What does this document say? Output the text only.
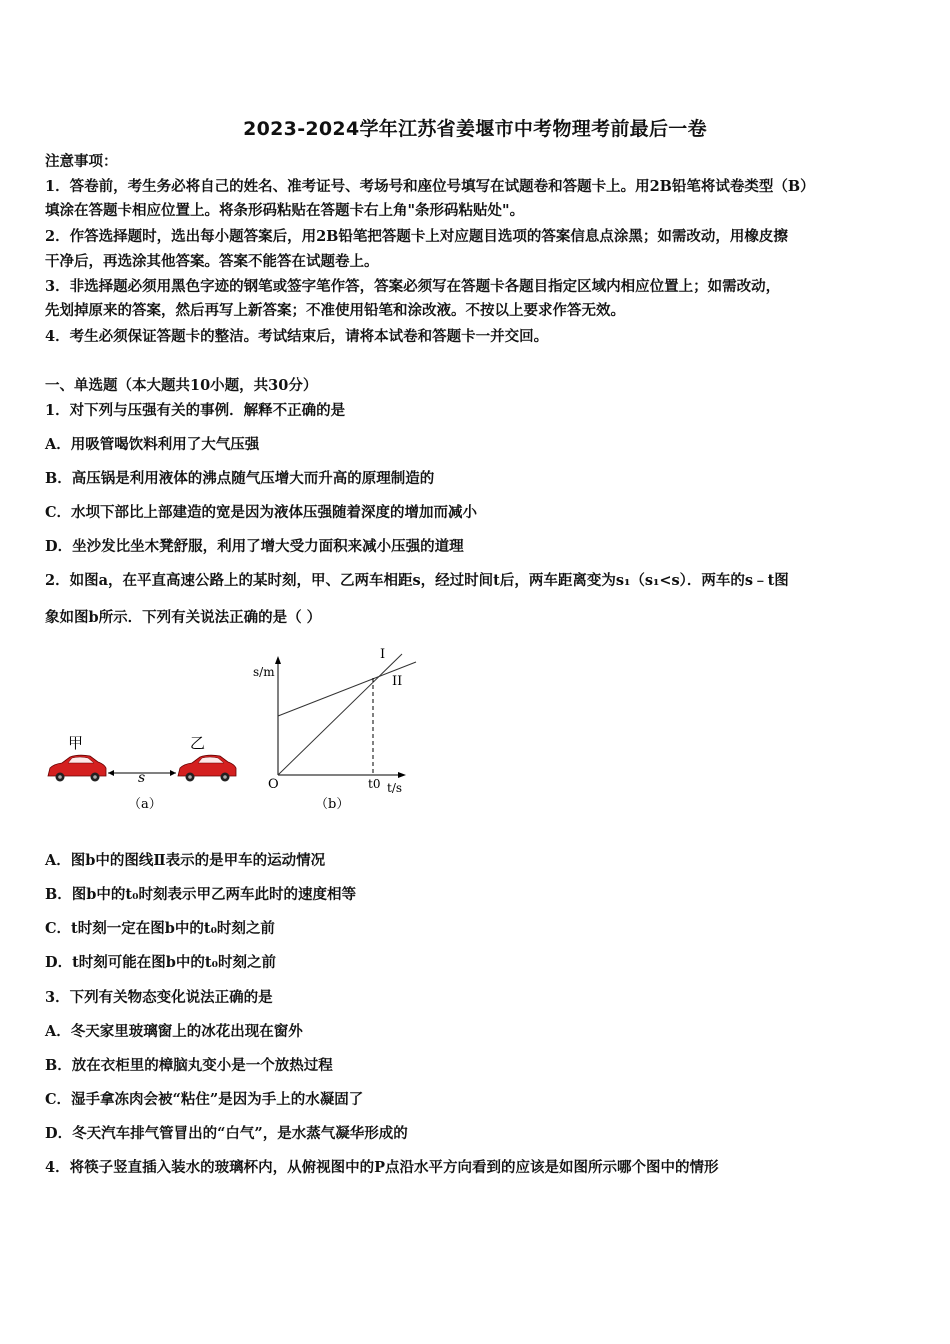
2023-2024学年江苏省姜堰市中考物理考前最后一卷
注意事项：
1．答卷前，考生务必将自己的姓名、准考证号、考场号和座位号填写在试题卷和答题卡上。用2B铅笔将试卷类型（B）
填涂在答题卡相应位置上。将条形码粘贴在答题卡右上角"条形码粘贴处"。
2．作答选择题时，选出每小题答案后，用2B铅笔把答题卡上对应题目选项的答案信息点涂黑；如需改动，用橡皮擦
干净后，再选涂其他答案。答案不能答在试题卷上。
3．非选择题必须用黑色字迹的钢笔或签字笔作答，答案必须写在答题卡各题目指定区域内相应位置上；如需改动，
先划掉原来的答案，然后再写上新答案；不准使用铅笔和涂改液。不按以上要求作答无效。
4．考生必须保证答题卡的整洁。考试结束后，请将本试卷和答题卡一并交回。
一、单选题（本大题共10小题，共30分）
1．对下列与压强有关的事例．解释不正确的是
A．用吸管喝饮料利用了大气压强
B．高压锅是利用液体的沸点随气压增大而升高的原理制造的
C．水坝下部比上部建造的宽是因为液体压强随着深度的增加而减小
D．坐沙发比坐木凳舒服，利用了增大受力面积来减小压强的道理
2．如图a，在平直高速公路上的某时刻，甲、乙两车相距s，经过时间t后，两车距离变为s₁（s₁<s）．两车的s﹣t图
象如图b所示．下列有关说法正确的是（ ）
甲	乙
s
（a）
s/m
t/s
O	t0
I
II
（b）
A．图b中的图线Ⅱ表示的是甲车的运动情况
B．图b中的t₀时刻表示甲乙两车此时的速度相等
C．t时刻一定在图b中的t₀时刻之前
D．t时刻可能在图b中的t₀时刻之前
3．下列有关物态变化说法正确的是
A．冬天家里玻璃窗上的冰花出现在窗外
B．放在衣柜里的樟脑丸变小是一个放热过程
C．湿手拿冻肉会被“粘住”是因为手上的水凝固了
D．冬天汽车排气管冒出的“白气”，是水蒸气凝华形成的
4．将筷子竖直插入装水的玻璃杯内，从俯视图中的P点沿水平方向看到的应该是如图所示哪个图中的情形
